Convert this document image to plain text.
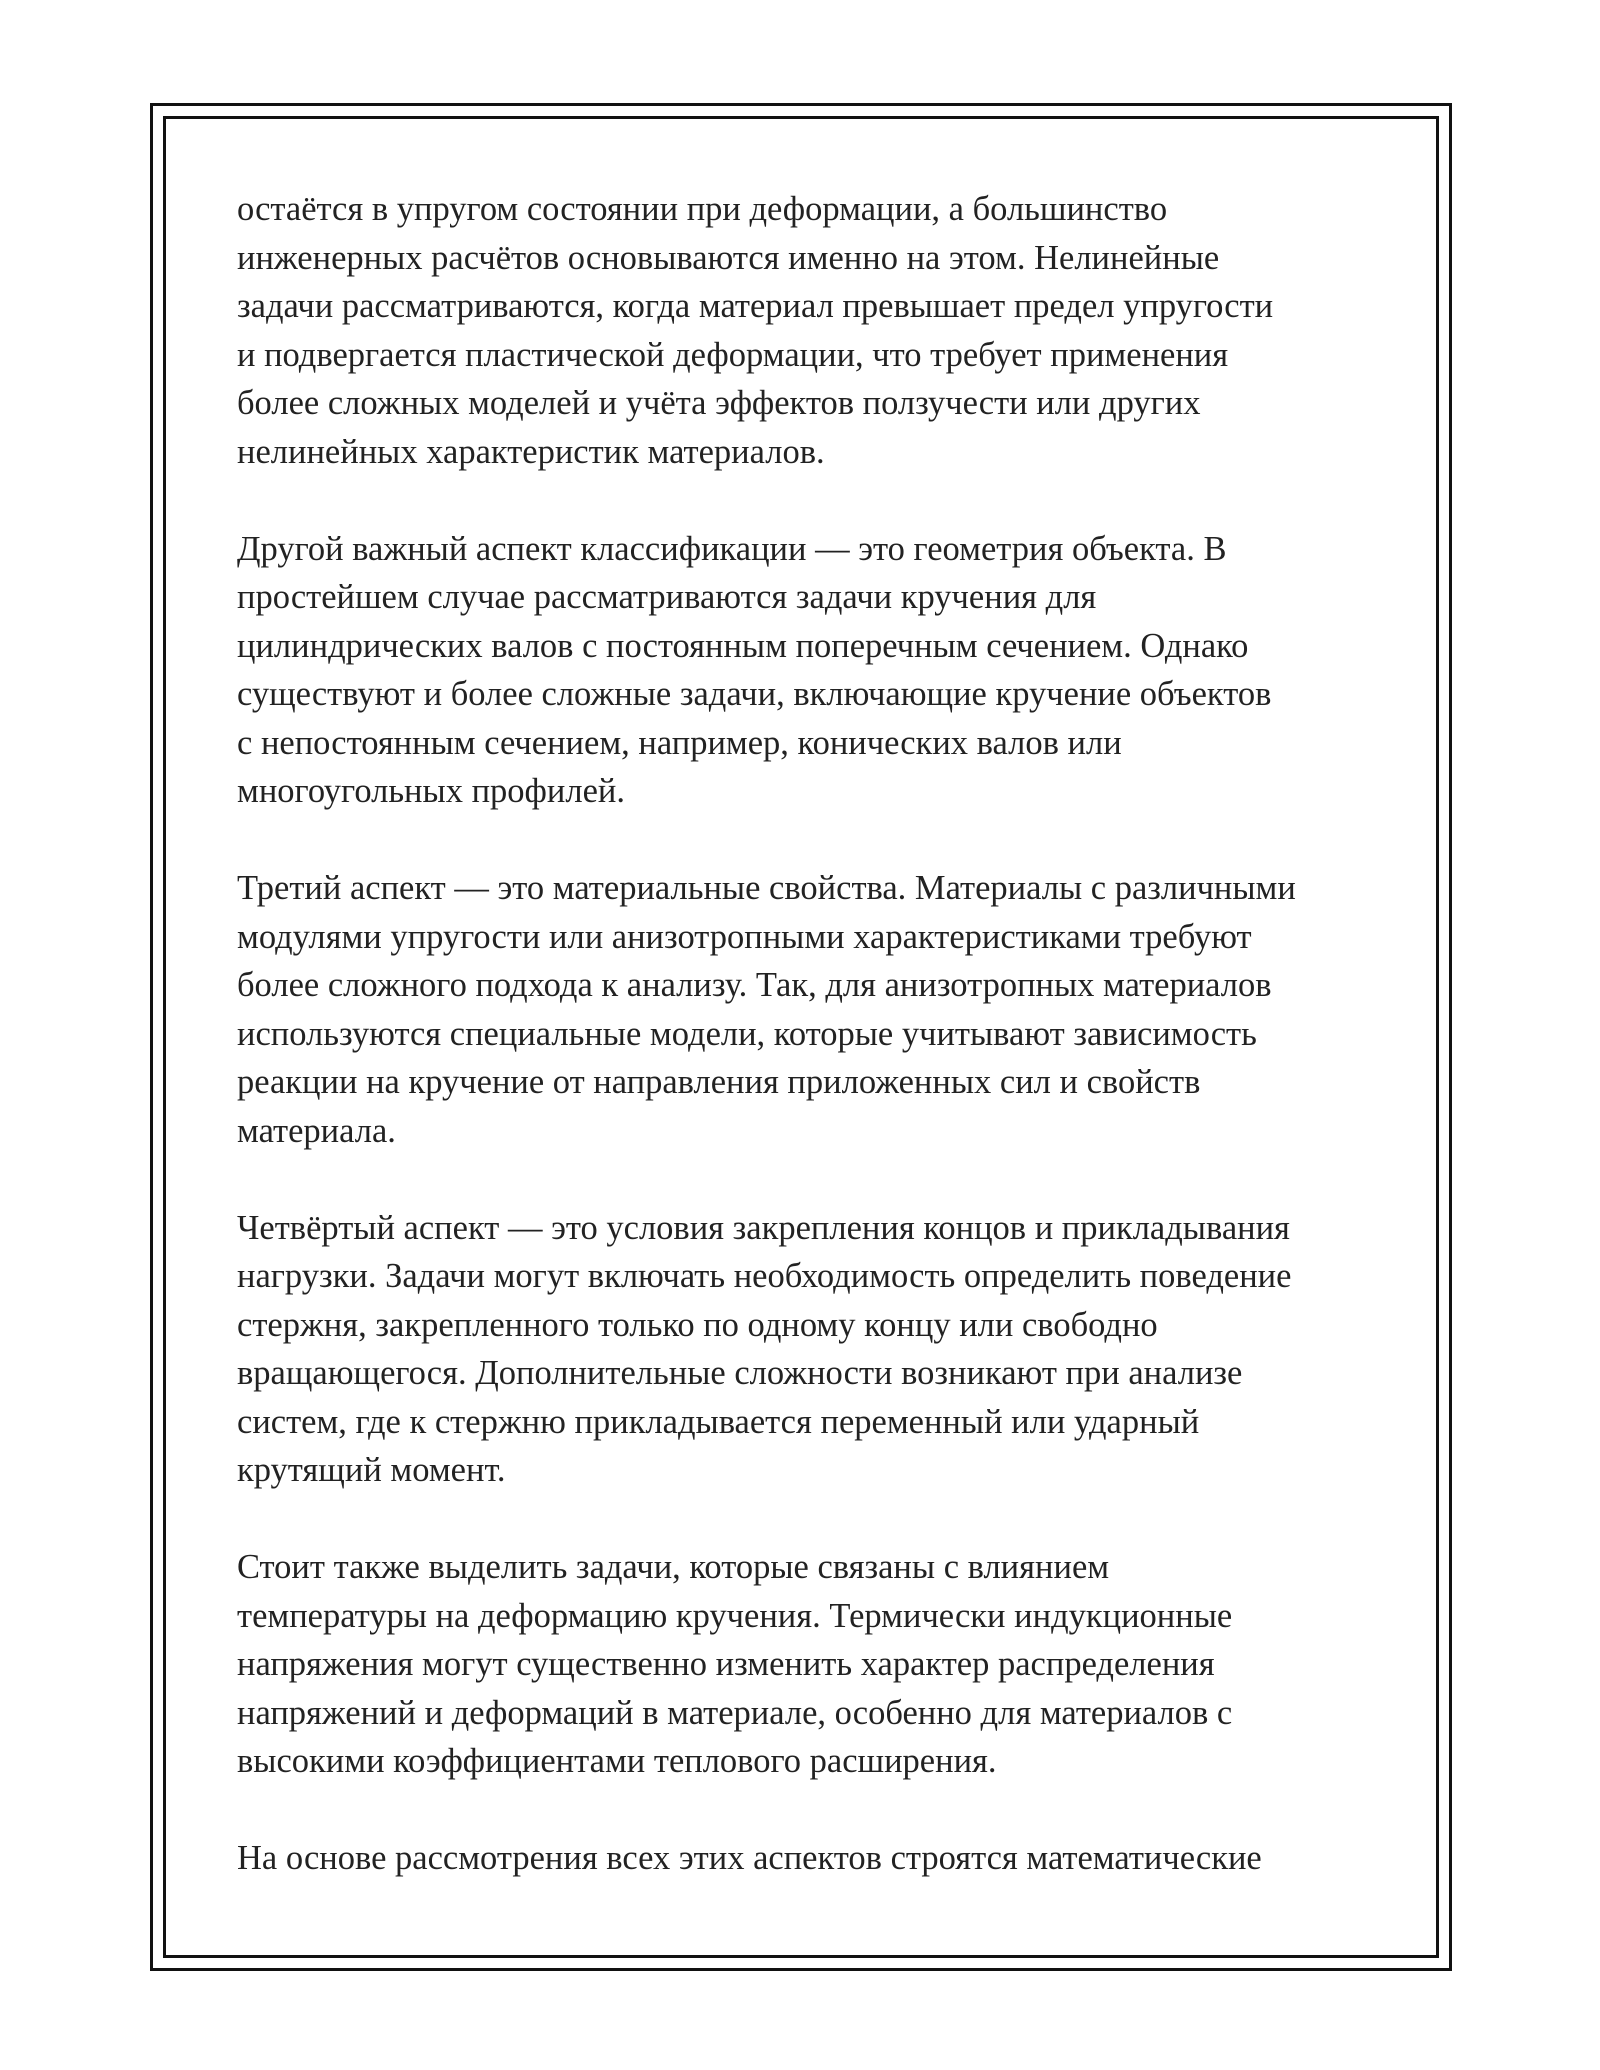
остаётся в упругом состоянии при деформации, а большинство
инженерных расчётов основываются именно на этом. Нелинейные
задачи рассматриваются, когда материал превышает предел упругости
и подвергается пластической деформации, что требует применения
более сложных моделей и учёта эффектов ползучести или других
нелинейных характеристик материалов.

Другой важный аспект классификации — это геометрия объекта. В
простейшем случае рассматриваются задачи кручения для
цилиндрических валов с постоянным поперечным сечением. Однако
существуют и более сложные задачи, включающие кручение объектов
с непостоянным сечением, например, конических валов или
многоугольных профилей.

Третий аспект — это материальные свойства. Материалы с различными
модулями упругости или анизотропными характеристиками требуют
более сложного подхода к анализу. Так, для анизотропных материалов
используются специальные модели, которые учитывают зависимость
реакции на кручение от направления приложенных сил и свойств
материала.

Четвёртый аспект — это условия закрепления концов и прикладывания
нагрузки. Задачи могут включать необходимость определить поведение
стержня, закрепленного только по одному концу или свободно
вращающегося. Дополнительные сложности возникают при анализе
систем, где к стержню прикладывается переменный или ударный
крутящий момент.

Стоит также выделить задачи, которые связаны с влиянием
температуры на деформацию кручения. Термически индукционные
напряжения могут существенно изменить характер распределения
напряжений и деформаций в материале, особенно для материалов с
высокими коэффициентами теплового расширения.

На основе рассмотрения всех этих аспектов строятся математические
